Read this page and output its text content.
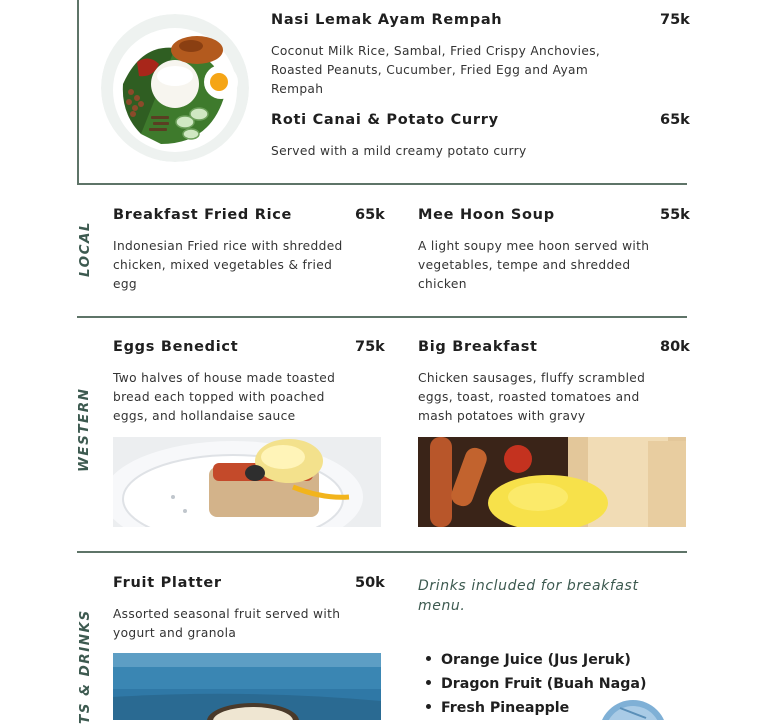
Nasi Lemak Ayam Rempah	75k
Coconut Milk Rice, Sambal, Fried Crispy Anchovies, Roasted Peanuts, Cucumber, Fried Egg and Ayam Rempah
Roti Canai & Potato Curry	65k
Served with a mild creamy potato curry
LOCAL
Breakfast Fried Rice	65k
Indonesian Fried rice with shredded chicken, mixed vegetables & fried egg
Mee Hoon Soup	55k
A light soupy mee hoon served with vegetables, tempe and shredded chicken
WESTERN
Eggs Benedict	75k
Two halves of house made toasted bread each topped with poached eggs, and hollandaise sauce
Big Breakfast	80k
Chicken sausages, fluffy scrambled eggs, toast, roasted tomatoes and mash potatoes with gravy
TS & DRINKS
Fruit Platter	50k
Assorted seasonal fruit served with yogurt and granola
Drinks included for breakfast menu.
Orange Juice (Jus Jeruk)
Dragon Fruit (Buah Naga)
Fresh Pineapple
